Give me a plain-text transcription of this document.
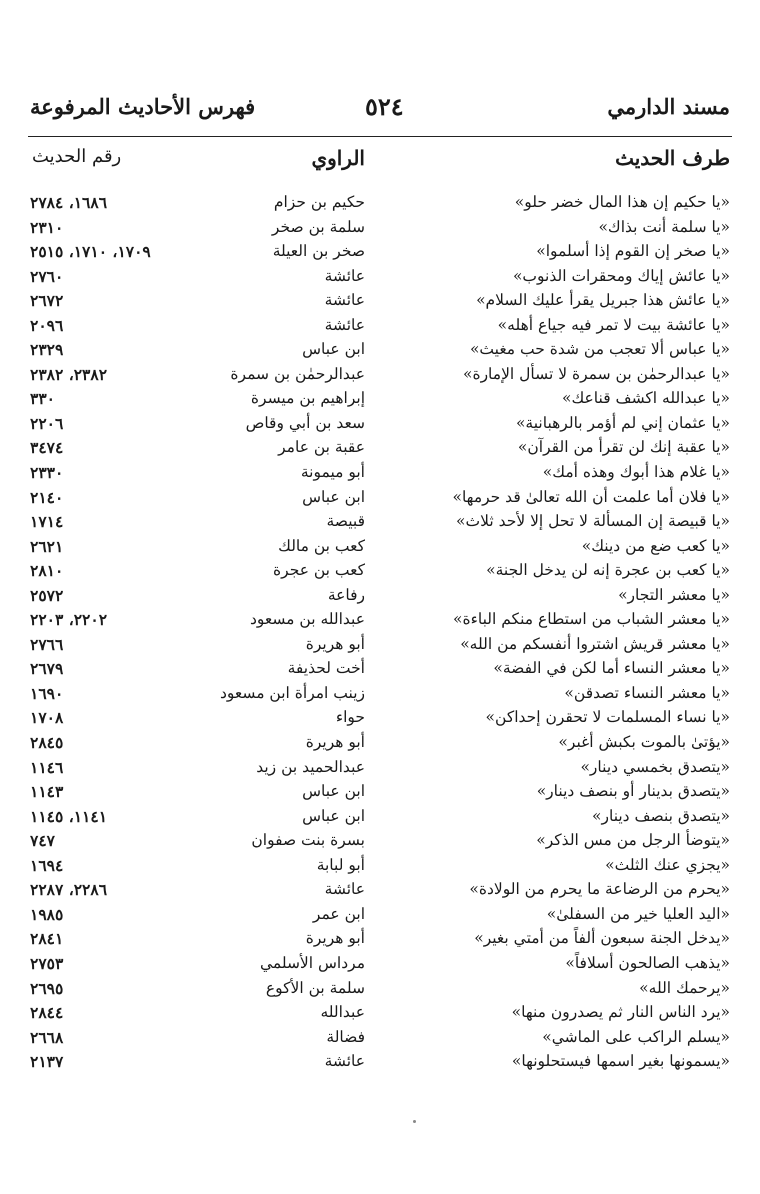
مسند الدارمي
٥٢٤
فهرس الأحاديث المرفوعة
طرف الحديث
الراوي
رقم الحديث
«يا حكيم إن هذا المال خضر حلو»
حكيم بن حزام
١٦٨٦، ٢٧٨٤
«يا سلمة أنت بذاك»
سلمة بن صخر
٢٣١٠
«يا صخر إن القوم إذا أسلموا»
صخر بن العيلة
١٧٠٩، ١٧١٠، ٢٥١٥
«يا عائش إياك ومحقرات الذنوب»
عائشة
٢٧٦٠
«يا عائش هذا جبريل يقرأ عليك السلام»
عائشة
٢٦٧٢
«يا عائشة بيت لا تمر فيه جياع أهله»
عائشة
٢٠٩٦
«يا عباس ألا تعجب من شدة حب مغيث»
ابن عباس
٢٣٢٩
«يا عبدالرحمٰن بن سمرة لا تسأل الإمارة»
عبدالرحمٰن بن سمرة
٢٣٨٢، ٢٣٨٢
«يا عبدالله اكشف قناعك»
إبراهيم بن ميسرة
٣٣٠
«يا عثمان إني لم أؤمر بالرهبانية»
سعد بن أبي وقاص
٢٢٠٦
«يا عقبة إنك لن تقرأ من القرآن»
عقبة بن عامر
٣٤٧٤
«يا غلام هذا أبوك وهذه أمك»
أبو ميمونة
٢٣٣٠
«يا فلان أما علمت أن الله تعالىٰ قد حرمها»
ابن عباس
٢١٤٠
«يا قبيصة إن المسألة لا تحل إلا لأحد ثلاث»
قبيصة
١٧١٤
«يا كعب ضع من دينك»
كعب بن مالك
٢٦٢١
«يا كعب بن عجرة إنه لن يدخل الجنة»
كعب بن عجرة
٢٨١٠
«يا معشر التجار»
رفاعة
٢٥٧٢
«يا معشر الشباب من استطاع منكم الباءة»
عبدالله بن مسعود
٢٢٠٢، ٢٢٠٣
«يا معشر قريش اشتروا أنفسكم من الله»
أبو هريرة
٢٧٦٦
«يا معشر النساء أما لكن في الفضة»
أخت لحذيفة
٢٦٧٩
«يا معشر النساء تصدقن»
زينب امرأة ابن مسعود
١٦٩٠
«يا نساء المسلمات لا تحقرن إحداكن»
حواء
١٧٠٨
«يؤتىٰ بالموت بكبش أغبر»
أبو هريرة
٢٨٤٥
«يتصدق بخمسي دينار»
عبدالحميد بن زيد
١١٤٦
«يتصدق بدينار أو بنصف دينار»
ابن عباس
١١٤٣
«يتصدق بنصف دينار»
ابن عباس
١١٤١، ١١٤٥
«يتوضأ الرجل من مس الذكر»
بسرة بنت صفوان
٧٤٧
«يجزي عنك الثلث»
أبو لبابة
١٦٩٤
«يحرم من الرضاعة ما يحرم من الولادة»
عائشة
٢٢٨٦، ٢٢٨٧
«اليد العليا خير من السفلىٰ»
ابن عمر
١٩٨٥
«يدخل الجنة سبعون ألفاً من أمتي بغير»
أبو هريرة
٢٨٤١
«يذهب الصالحون أسلافاً»
مرداس الأسلمي
٢٧٥٣
«يرحمك الله»
سلمة بن الأكوع
٢٦٩٥
«يرد الناس النار ثم يصدرون منها»
عبدالله
٢٨٤٤
«يسلم الراكب على الماشي»
فضالة
٢٦٦٨
«يسمونها بغير اسمها فيستحلونها»
عائشة
٢١٣٧
